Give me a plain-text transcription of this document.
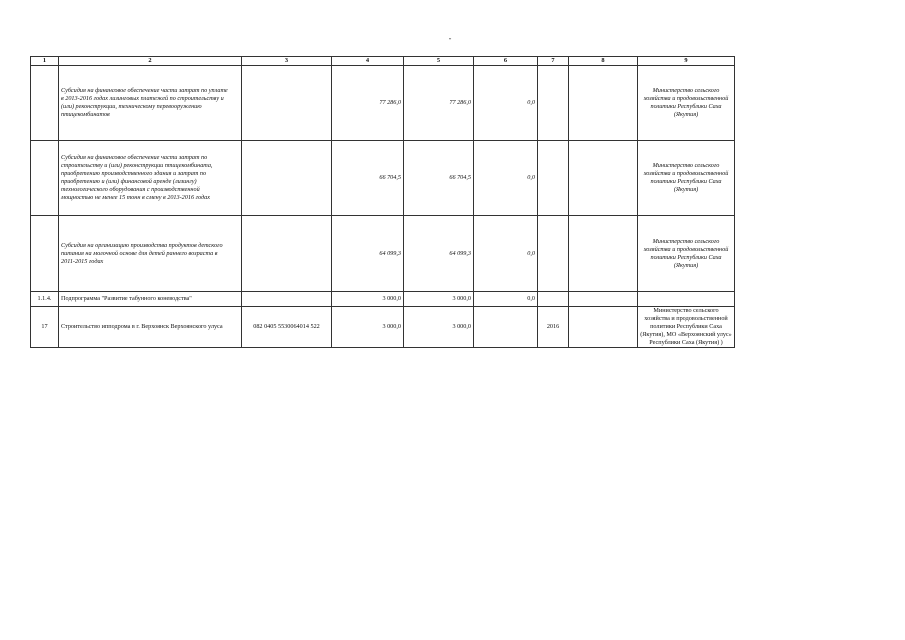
"
1	2	3	4	5	6	7	8	9

	Субсидия на финансовое обеспечение части затрат по уплате в 2013-2016 годах лизинговых платежей по строительству и (или) реконструкции, техническому перевооружению птицекомбинатов		77 286,0	77 286,0	0,0			Министерство сельского хозяйства и продовольственной политики Республики Саха (Якутия)

	Субсидия на финансовое обеспечение части затрат по строительству и (или) реконструкции птицекомбината, приобретению производственного здания и затрат по приобретению и (или) финансовой аренде (лизингу) технологического оборудования с производственной мощностью не менее 15 тонн в смену в 2013-2016 годах		66 704,5	66 704,5	0,0			Министерство сельского хозяйства и продовольственной политики Республики Саха (Якутия)

	Субсидия на организацию производства продуктов детского питания на молочной основе для детей раннего возраста в 2011-2015 годах		64 099,3	64 099,3	0,0			Министерство сельского хозяйства и продовольственной политики Республики Саха (Якутия)
1.1.4.	Подпрограмма "Развитие табунного коневодства"		3 000,0	3 000,0	0,0			
17	Строительство ипподрома в г. Верхоянск Верхоянского улуса	082 0405 5530064014 522	3 000,0	3 000,0		2016		Министерство сельского хозяйства и продовольственной политики Республики Саха (Якутия), МО «Верхоянский улус» Республики Саха (Якутия) )
